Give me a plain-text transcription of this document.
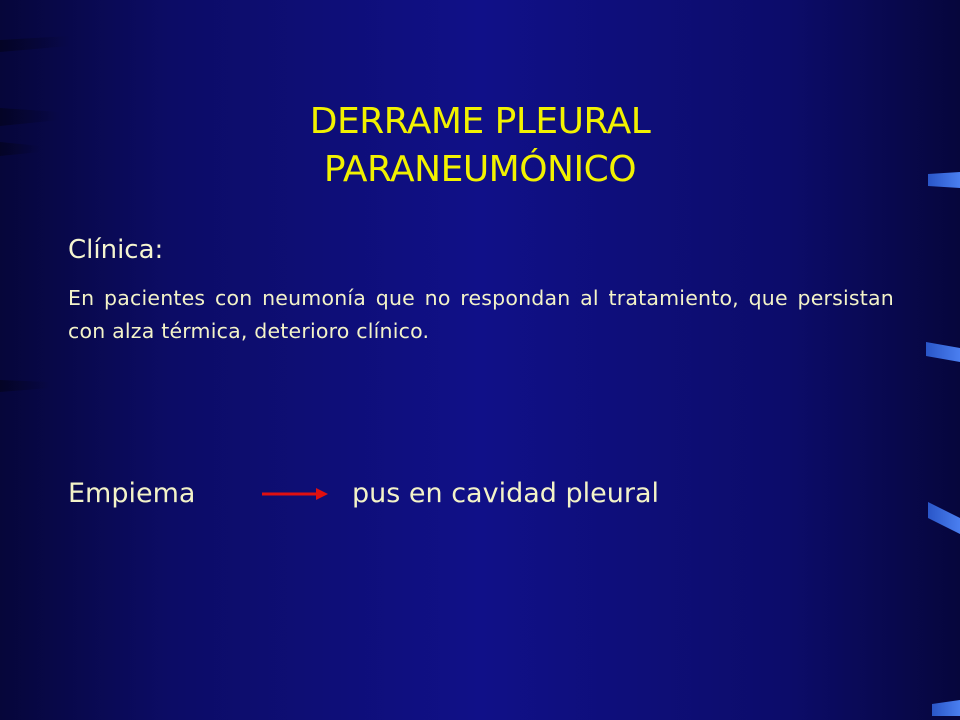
DERRAME PLEURAL
PARANEUMÓNICO
Clínica:
En pacientes con neumonía que no respondan al tratamiento, que persistan con alza térmica, deterioro clínico.
Empiema	pus en cavidad pleural
